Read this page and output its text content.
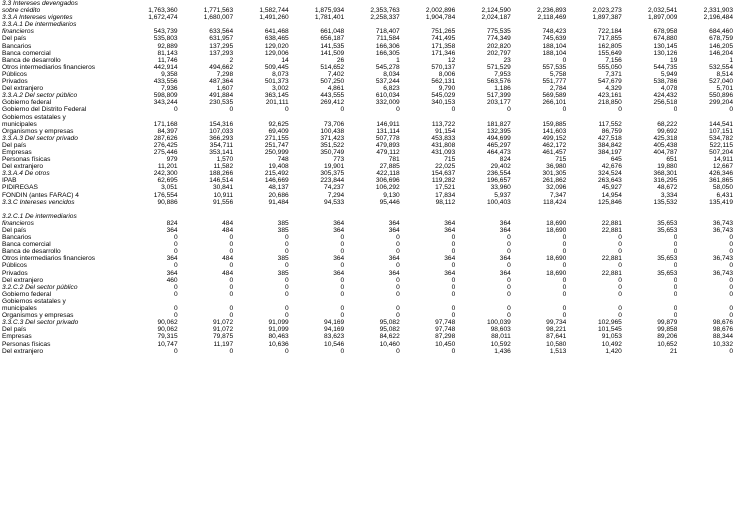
3.3 Intereses devengados											
sobre crédito	1,763,360	1,771,563	1,582,744	1,875,934	2,353,763	2,002,896	2,124,590	2,236,893	2,023,273	2,032,541	2,331,903
3.3.A Intereses vigentes	1,672,474	1,680,007	1,491,260	1,781,401	2,258,337	1,904,784	2,024,187	2,118,469	1,897,387	1,897,009	2,196,484
3.3.A.1 De intermediarios											
financieros	543,739	633,564	641,468	661,048	718,407	751,265	775,535	748,423	722,184	678,958	684,460
Del país	535,803	631,957	638,465	656,187	711,584	741,495	774,349	745,639	717,855	674,880	678,759
Bancarios	92,889	137,295	129,020	141,535	166,306	171,358	202,820	188,104	162,805	130,145	146,205
Banca comercial	81,143	137,293	129,006	141,509	166,305	171,346	202,797	188,104	155,649	130,126	146,204
Banca de desarrollo	11,746	2	14	26	1	12	23	0	7,156	19	1
Otros intermediarios financieros	442,914	494,662	509,445	514,652	545,278	570,137	571,529	557,535	555,050	544,735	532,554
Públicos	9,358	7,298	8,073	7,402	8,034	8,006	7,953	5,758	7,371	5,949	8,514
Privados	433,556	487,364	501,373	507,250	537,244	562,131	563,576	551,777	547,679	538,786	527,040
Del extranjero	7,936	1,607	3,002	4,861	6,823	9,790	1,186	2,784	4,329	4,078	5,701
3.3.A.2 Del sector público	598,809	491,884	363,145	443,555	610,034	545,029	517,399	569,589	423,161	424,432	550,896
Gobierno federal	343,244	230,535	201,111	269,412	332,009	340,153	203,177	266,101	218,850	256,518	299,204
Gobierno del Distrito Federal	0	0	0	0	0	0	0	0	0	0	0
Gobiernos estatales y											
municipales	171,168	154,316	92,625	73,706	146,911	113,722	181,827	159,885	117,552	68,222	144,541
Organismos y empresas	84,397	107,033	69,409	100,438	131,114	91,154	132,395	141,603	86,759	99,692	107,151
3.3.A.3 Del sector privado	287,626	366,293	271,155	371,423	507,778	453,833	494,699	499,152	427,518	425,318	534,782
Del país	276,425	354,711	251,747	351,522	479,893	431,808	465,297	462,172	384,842	405,438	522,115
Empresas	275,446	353,141	250,999	350,749	479,112	431,093	464,473	461,457	384,197	404,787	507,204
Personas físicas	979	1,570	748	773	781	715	824	715	645	651	14,911
Del extranjero	11,201	11,582	19,408	19,901	27,885	22,025	29,402	36,980	42,676	19,880	12,667
3.3.A.4 De otros	242,300	188,266	215,492	305,375	422,118	154,637	236,554	301,305	324,524	368,301	426,346
IPAB	62,695	146,514	146,669	223,844	306,696	119,282	196,657	261,862	263,643	316,295	361,865
PIDIREGAS	3,051	30,841	48,137	74,237	106,292	17,521	33,960	32,096	45,927	48,672	58,050
FONDIN (antes FARAC) 4	176,554	10,911	20,686	7,294	9,130	17,834	5,937	7,347	14,954	3,334	6,431
3.3.C Intereses vencidos	90,886	91,556	91,484	94,533	95,446	98,112	100,403	118,424	125,846	135,532	135,419

3.2.C.1 De intermediarios											
financieros	824	484	385	364	364	364	364	18,690	22,881	35,653	36,743
Del país	364	484	385	364	364	364	364	18,690	22,881	35,653	36,743
Bancarios	0	0	0	0	0	0	0	0	0	0	0
Banca comercial	0	0	0	0	0	0	0	0	0	0	0
Banca de desarrollo	0	0	0	0	0	0	0	0	0	0	0
Otros intermediarios financieros	364	484	385	364	364	364	364	18,690	22,881	35,653	36,743
Públicos	0	0	0	0	0	0	0	0	0	0	0
Privados	364	484	385	364	364	364	364	18,690	22,881	35,653	36,743
Del extranjero	460	0	0	0	0	0	0	0	0	0	0
3.2.C.2 Del sector público	0	0	0	0	0	0	0	0	0	0	0
Gobierno federal	0	0	0	0	0	0	0	0	0	0	0
Gobiernos estatales y											
municipales	0	0	0	0	0	0	0	0	0	0	0
Organismos y empresas	0	0	0	0	0	0	0	0	0	0	0
3.3.C.3 Del sector privado	90,062	91,072	91,099	94,169	95,082	97,748	100,039	99,734	102,965	99,879	98,676
Del país	90,062	91,072	91,099	94,169	95,082	97,748	98,603	98,221	101,545	99,858	98,676
Empresas	79,315	79,875	80,463	83,623	84,622	87,298	88,011	87,641	91,053	89,206	88,344
Personas físicas	10,747	11,197	10,636	10,546	10,460	10,450	10,592	10,580	10,492	10,652	10,332
Del extranjero	0	0	0	0	0	0	1,436	1,513	1,420	21	0
